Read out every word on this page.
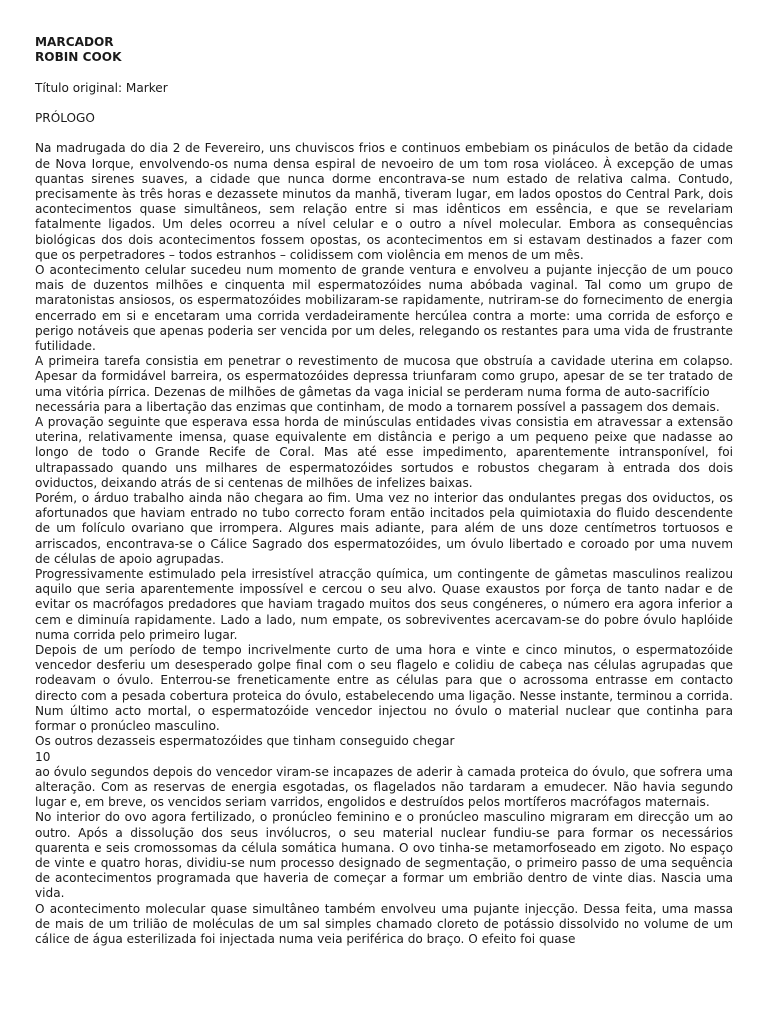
MARCADOR

ROBIN COOK

Título original: Marker

PRÓLOGO

Na madrugada do dia 2 de Fevereiro, uns chuviscos frios e continuos embebiam os pináculos de betão da cidade de Nova Iorque, envolvendo-os numa densa espiral de nevoeiro de um tom rosa violáceo. À excepção de umas quantas sirenes suaves, a cidade que nunca dorme encontrava-se num estado de relativa calma. Contudo, precisamente às três horas e dezassete minutos da manhã, tiveram lugar, em lados opostos do Central Park, dois acontecimentos quase simultâneos, sem relação entre si mas idênticos em essência, e que se revelariam fatalmente ligados. Um deles ocorreu a nível celular e o outro a nível molecular. Embora as consequências biológicas dos dois acontecimentos fossem opostas, os acontecimentos em si estavam destinados a fazer com que os perpetradores – todos estranhos – colidissem com violência em menos de um mês.

O acontecimento celular sucedeu num momento de grande ventura e envolveu a pujante injecção de um pouco mais de duzentos milhões e cinquenta mil espermatozóides numa abóbada vaginal. Tal como um grupo de maratonistas ansiosos, os espermatozóides mobilizaram-se rapidamente, nutriram-se do fornecimento de energia encerrado em si e encetaram uma corrida verdadeiramente hercúlea contra a morte: uma corrida de esforço e perigo notáveis que apenas poderia ser vencida por um deles, relegando os restantes para uma vida de frustrante futilidade.

A primeira tarefa consistia em penetrar o revestimento de mucosa que obstruía a cavidade uterina em colapso. Apesar da formidável barreira, os espermatozóides depressa triunfaram como grupo, apesar de se ter tratado de uma vitória pírrica. Dezenas de milhões de gâmetas da vaga inicial se perderam numa forma de auto-sacrifício

necessária para a libertação das enzimas que continham, de modo a tornarem possível a passagem dos demais.

A provação seguinte que esperava essa horda de minúsculas entidades vivas consistia em atravessar a extensão uterina, relativamente imensa, quase equivalente em distância e perigo a um pequeno peixe que nadasse ao longo de todo o Grande Recife de Coral. Mas até esse impedimento, aparentemente intransponível, foi ultrapassado quando uns milhares de espermatozóides sortudos e robustos chegaram à entrada dos dois oviductos, deixando atrás de si centenas de milhões de infelizes baixas.

Porém, o árduo trabalho ainda não chegara ao fim. Uma vez no interior das ondulantes pregas dos oviductos, os afortunados que haviam entrado no tubo correcto foram então incitados pela quimiotaxia do fluido descendente de um folículo ovariano que irrompera. Algures mais adiante, para além de uns doze centímetros tortuosos e arriscados, encontrava-se o Cálice Sagrado dos espermatozóides, um óvulo libertado e coroado por uma nuvem de células de apoio agrupadas.

Progressivamente estimulado pela irresistível atracção química, um contingente de gâmetas masculinos realizou aquilo que seria aparentemente impossível e cercou o seu alvo. Quase exaustos por força de tanto nadar e de evitar os macrófagos predadores que haviam tragado muitos dos seus congéneres, o número era agora inferior a cem e diminuía rapidamente. Lado a lado, num empate, os sobreviventes acercavam-se do pobre óvulo haplóide numa corrida pelo primeiro lugar.

Depois de um período de tempo incrivelmente curto de uma hora e vinte e cinco minutos, o espermatozóide vencedor desferiu um desesperado golpe final com o seu flagelo e colidiu de cabeça nas células agrupadas que rodeavam o óvulo. Enterrou-se freneticamente entre as células para que o acrossoma entrasse em contacto directo com a pesada cobertura proteica do óvulo, estabelecendo uma ligação. Nesse instante, terminou a corrida. Num último acto mortal, o espermatozóide vencedor injectou no óvulo o material nuclear que continha para formar o pronúcleo masculino.

Os outros dezasseis espermatozóides que tinham conseguido chegar

10

ao óvulo segundos depois do vencedor viram-se incapazes de aderir à camada proteica do óvulo, que sofrera uma alteração. Com as reservas de energia esgotadas, os flagelados não tardaram a emudecer. Não havia segundo lugar e, em breve, os vencidos seriam varridos, engolidos e destruídos pelos mortíferos macrófagos maternais.

No interior do ovo agora fertilizado, o pronúcleo feminino e o pronúcleo masculino migraram em direcção um ao outro. Após a dissolução dos seus invólucros, o seu material nuclear fundiu-se para formar os necessários quarenta e seis cromossomas da célula somática humana. O ovo tinha-se metamorfoseado em zigoto. No espaço de vinte e quatro horas, dividiu-se num processo designado de segmentação, o primeiro passo de uma sequência de acontecimentos programada que haveria de começar a formar um embrião dentro de vinte dias. Nascia uma vida.

O acontecimento molecular quase simultâneo também envolveu uma pujante injecção. Dessa feita, uma massa de mais de um trilião de moléculas de um sal simples chamado cloreto de potássio dissolvido no volume de um cálice de água esterilizada foi injectada numa veia periférica do braço. O efeito foi quase
